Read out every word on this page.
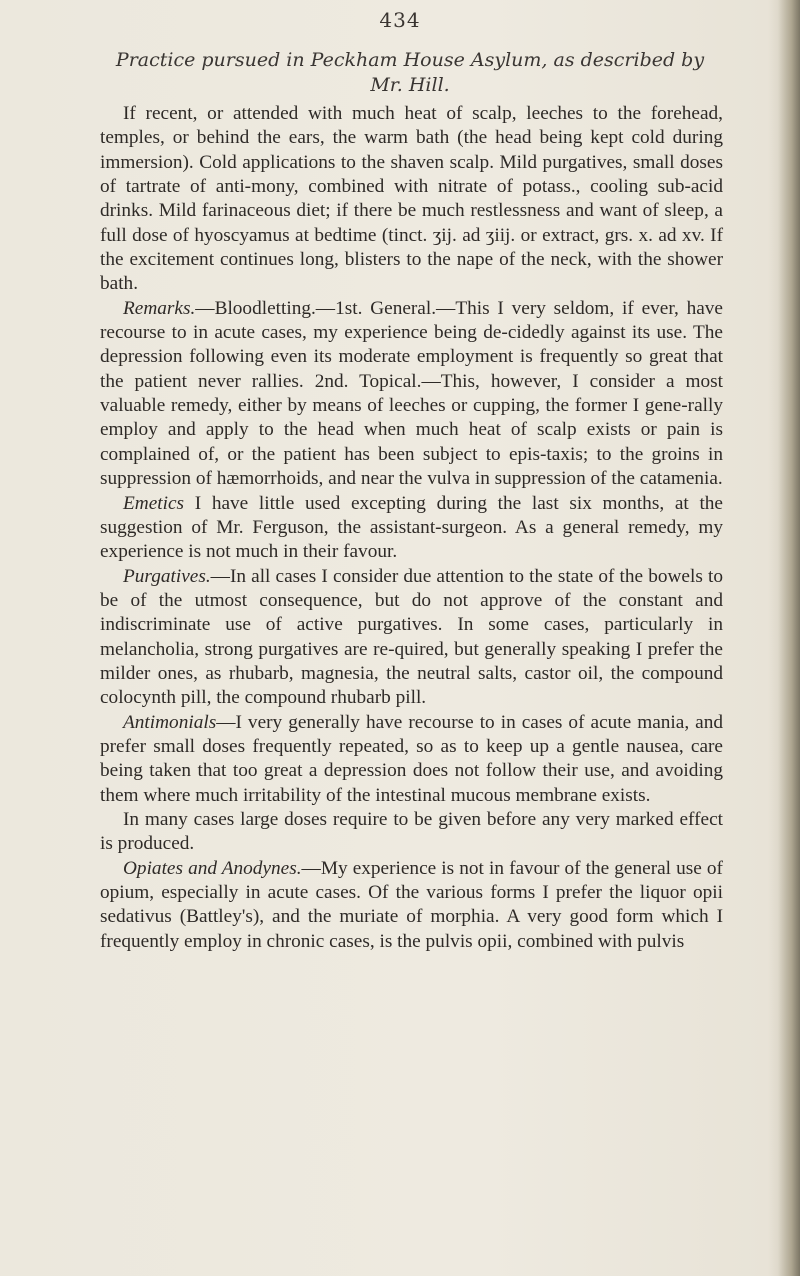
434
Practice pursued in Peckham House Asylum, as described by Mr. Hill.

If recent, or attended with much heat of scalp, leeches to the forehead, temples, or behind the ears, the warm bath (the head being kept cold during immersion). Cold applications to the shaven scalp. Mild purgatives, small doses of tartrate of anti-mony, combined with nitrate of potass., cooling sub-acid drinks. Mild farinaceous diet; if there be much restlessness and want of sleep, a full dose of hyoscyamus at bedtime (tinct. ʒij. ad ʒiij. or extract, grs. x. ad xv. If the excitement continues long, blisters to the nape of the neck, with the shower bath.

Remarks.—Bloodletting.—1st. General.—This I very seldom, if ever, have recourse to in acute cases, my experience being de-cidedly against its use. The depression following even its moderate employment is frequently so great that the patient never rallies. 2nd. Topical.—This, however, I consider a most valuable remedy, either by means of leeches or cupping, the former I gene-rally employ and apply to the head when much heat of scalp exists or pain is complained of, or the patient has been subject to epis-taxis; to the groins in suppression of hæmorrhoids, and near the vulva in suppression of the catamenia.

Emetics I have little used excepting during the last six months, at the suggestion of Mr. Ferguson, the assistant-surgeon. As a general remedy, my experience is not much in their favour.

Purgatives.—In all cases I consider due attention to the state of the bowels to be of the utmost consequence, but do not approve of the constant and indiscriminate use of active purgatives. In some cases, particularly in melancholia, strong purgatives are re-quired, but generally speaking I prefer the milder ones, as rhubarb, magnesia, the neutral salts, castor oil, the compound colocynth pill, the compound rhubarb pill.

Antimonials—I very generally have recourse to in cases of acute mania, and prefer small doses frequently repeated, so as to keep up a gentle nausea, care being taken that too great a depression does not follow their use, and avoiding them where much irritability of the intestinal mucous membrane exists.

In many cases large doses require to be given before any very marked effect is produced.

Opiates and Anodynes.—My experience is not in favour of the general use of opium, especially in acute cases. Of the various forms I prefer the liquor opii sedativus (Battley's), and the muriate of morphia. A very good form which I frequently employ in chronic cases, is the pulvis opii, combined with pulvis
